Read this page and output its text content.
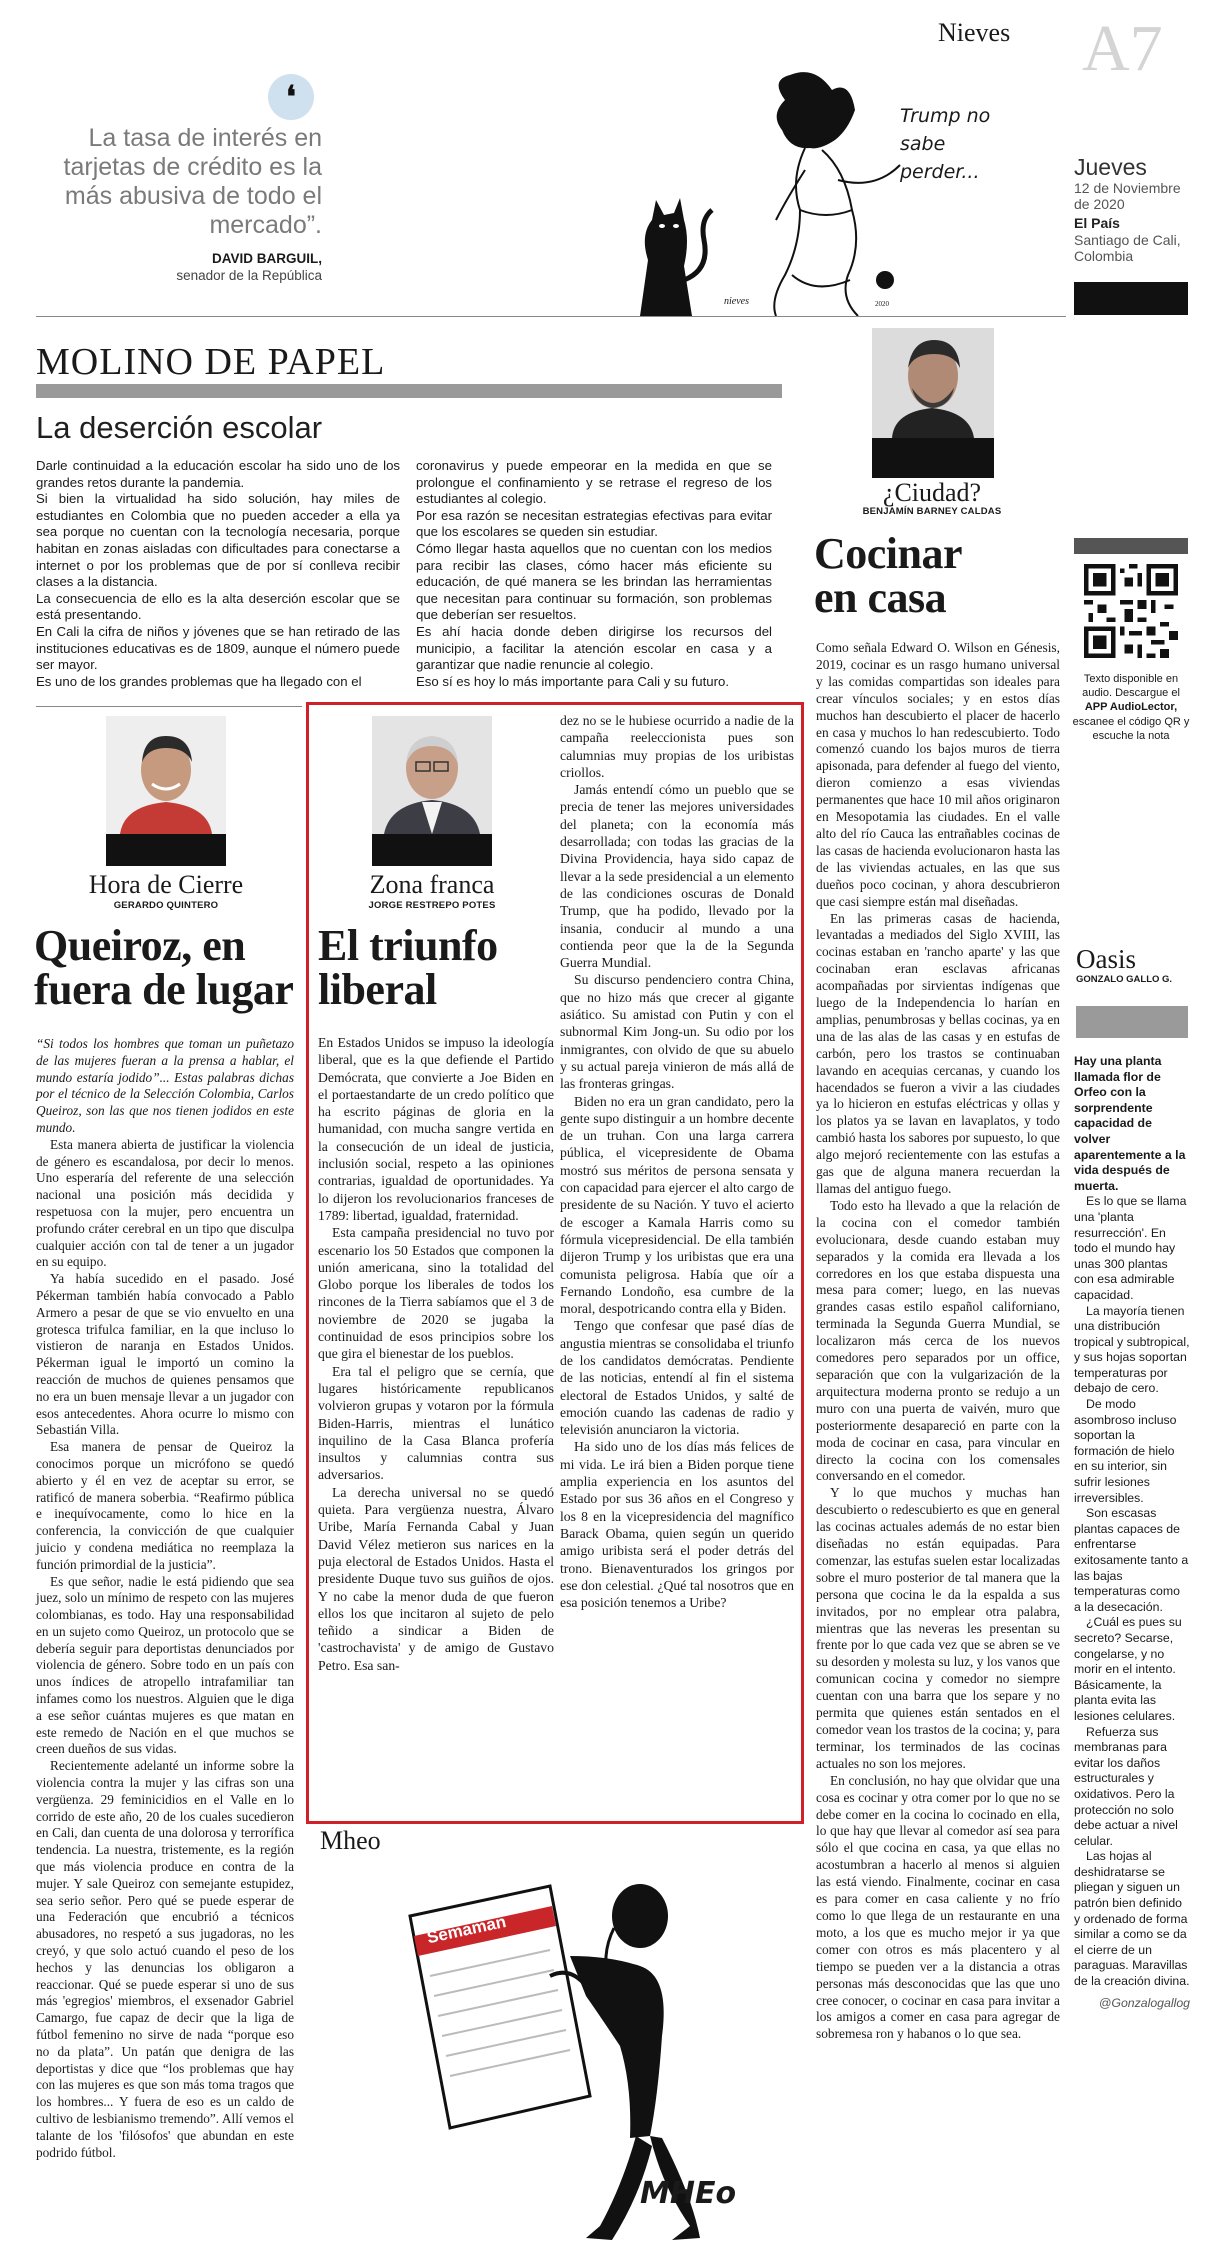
Nieves A7
Jueves
12 de Noviembre de 2020
El País
Santiago de Cali, Colombia
❛
La tasa de interés en tarjetas de crédito es la más abusiva de todo el mercado”.
DAVID BARGUIL,
senador de la República
Trump no sabe perder...
nieves	2020
MOLINO DE PAPEL
La deserción escolar

Darle continuidad a la educación escolar ha sido uno de los grandes retos durante la pandemia.

Si bien la virtualidad ha sido solución, hay miles de estudiantes en Colombia que no pueden acceder a ella ya sea porque no cuentan con la tecnología necesaria, porque habitan en zonas aisladas con dificultades para conectarse a internet o por los problemas que de por sí conlleva recibir clases a la distancia.

La consecuencia de ello es la alta deserción escolar que se está presentando.

En Cali la cifra de niños y jóvenes que se han retirado de las instituciones educativas es de 1809, aunque el número puede ser mayor.

Es uno de los grandes problemas que ha llegado con el

coronavirus y puede empeorar en la medida en que se prolongue el confinamiento y se retrase el regreso de los estudiantes al colegio.

Por esa razón se necesitan estrategias efectivas para evitar que los escolares se queden sin estudiar.

Cómo llegar hasta aquellos que no cuentan con los medios para recibir las clases, cómo hacer más eficiente su educación, de qué manera se les brindan las herramientas que necesitan para continuar su formación, son problemas que deberían ser resueltos.

Es ahí hacia donde deben dirigirse los recursos del municipio, a facilitar la atención escolar en casa y a garantizar que nadie renuncie al colegio.

Eso sí es hoy lo más importante para Cali y su futuro.

¿Ciudad?
BENJAMÍN BARNEY CALDAS
Cocinar
en casa

Como señala Edward O. Wilson en Génesis, 2019, cocinar es un rasgo humano universal y las comidas compartidas son ideales para crear vínculos sociales; y en estos días muchos han descubierto el placer de hacerlo en casa y muchos lo han redescubierto. Todo comenzó cuando los bajos muros de tierra apisonada, para defender al fuego del viento, dieron comienzo a esas viviendas permanentes que hace 10 mil años originaron en Mesopotamia las ciudades. En el valle alto del río Cauca las entrañables cocinas de las casas de hacienda evolucionaron hasta las de las viviendas actuales, en las que sus dueños poco cocinan, y ahora descubrieron que casi siempre están mal diseñadas.

En las primeras casas de hacienda, levantadas a mediados del Siglo XVIII, las cocinas estaban en 'rancho aparte' y las que cocinaban eran esclavas africanas acompañadas por sirvientas indígenas que luego de la Independencia lo harían en amplias, penumbrosas y bellas cocinas, ya en una de las alas de las casas y en estufas de carbón, pero los trastos se continuaban lavando en acequias cercanas, y cuando los hacendados se fueron a vivir a las ciudades ya lo hicieron en estufas eléctricas y ollas y los platos ya se lavan en lavaplatos, y todo cambió hasta los sabores por supuesto, lo que algo mejoró recientemente con las estufas a gas que de alguna manera recuerdan la llamas del antiguo fuego.

Todo esto ha llevado a que la relación de la cocina con el comedor también evolucionara, desde cuando estaban muy separados y la comida era llevada a los corredores en los que estaba dispuesta una mesa para comer; luego, en las nuevas grandes casas estilo español californiano, terminada la Segunda Guerra Mundial, se localizaron más cerca de los nuevos comedores pero separados por un office, separación que con la vulgarización de la arquitectura moderna pronto se redujo a un muro con una puerta de vaivén, muro que posteriormente desapareció en parte con la moda de cocinar en casa, para vincular en directo la cocina con los comensales conversando en el comedor.

Y lo que muchos y muchas han descubierto o redescubierto es que en general las cocinas actuales además de no estar bien diseñadas no están equipadas. Para comenzar, las estufas suelen estar localizadas sobre el muro posterior de tal manera que la persona que cocina le da la espalda a sus invitados, por no emplear otra palabra, mientras que las neveras les presentan su frente por lo que cada vez que se abren se ve su desorden y molesta su luz, y los vanos que comunican cocina y comedor no siempre cuentan con una barra que los separe y no permita que quienes están sentados en el comedor vean los trastos de la cocina; y, para terminar, los terminados de las cocinas actuales no son los mejores.

En conclusión, no hay que olvidar que una cosa es cocinar y otra comer por lo que no se debe comer en la cocina lo cocinado en ella, lo que hay que llevar al comedor así sea para sólo el que cocina en casa, ya que ellas no acostumbran a hacerlo al menos si alguien las está viendo. Finalmente, cocinar en casa es para comer en casa caliente y no frío como lo que llega de un restaurante en una moto, a los que es mucho mejor ir ya que comer con otros es más placentero y al tiempo se pueden ver a la distancia a otras personas más desconocidas que las que uno cree conocer, o cocinar en casa para invitar a los amigos a comer en casa para agregar de sobremesa ron y habanos o lo que sea.

Texto disponible en audio. Descargue el APP AudioLector, escanee el código QR y escuche la nota
Oasis
GONZALO GALLO G.

Hay una planta llamada flor de Orfeo con la sorprendente capacidad de volver aparentemente a la vida después de muerta.

Es lo que se llama una 'planta resurrección'. En todo el mundo hay unas 300 plantas con esa admirable capacidad.

La mayoría tienen una distribución tropical y subtropical, y sus hojas soportan temperaturas por debajo de cero.

De modo asombroso incluso soportan la formación de hielo en su interior, sin sufrir lesiones irreversibles.

Son escasas plantas capaces de enfrentarse exitosamente tanto a las bajas temperaturas como a la desecación.

¿Cuál es pues su secreto? Secarse, congelarse, y no morir en el intento. Básicamente, la planta evita las lesiones celulares.

Refuerza sus membranas para evitar los daños estructurales y oxidativos. Pero la protección no solo debe actuar a nivel celular.

Las hojas al deshidratarse se pliegan y siguen un patrón bien definido y ordenado de forma similar a como se da el cierre de un paraguas. Maravillas de la creación divina.

@Gonzalogallog
Hora de Cierre
GERARDO QUINTERO
Queiroz, en
fuera de lugar

“Si todos los hombres que toman un puñetazo de las mujeres fueran a la prensa a hablar, el mundo estaría jodido”... Estas palabras dichas por el técnico de la Selección Colombia, Carlos Queiroz, son las que nos tienen jodidos en este mundo.

Esta manera abierta de justificar la violencia de género es escandalosa, por decir lo menos. Uno esperaría del referente de una selección nacional una posición más decidida y respetuosa con la mujer, pero encuentra un profundo cráter cerebral en un tipo que disculpa cualquier acción con tal de tener a un jugador en su equipo.

Ya había sucedido en el pasado. José Pékerman también había convocado a Pablo Armero a pesar de que se vio envuelto en una grotesca trifulca familiar, en la que incluso lo vistieron de naranja en Estados Unidos. Pékerman igual le importó un comino la reacción de muchos de quienes pensamos que no era un buen mensaje llevar a un jugador con esos antecedentes. Ahora ocurre lo mismo con Sebastián Villa.

Esa manera de pensar de Queiroz la conocimos porque un micrófono se quedó abierto y él en vez de aceptar su error, se ratificó de manera soberbia. “Reafirmo pública e inequívocamente, como lo hice en la conferencia, la convicción de que cualquier juicio y condena mediática no reemplaza la función primordial de la justicia”.

Es que señor, nadie le está pidiendo que sea juez, solo un mínimo de respeto con las mujeres colombianas, es todo. Hay una responsabilidad en un sujeto como Queiroz, un protocolo que se debería seguir para deportistas denunciados por violencia de género. Sobre todo en un país con unos índices de atropello intrafamiliar tan infames como los nuestros. Alguien que le diga a ese señor cuántas mujeres es que matan en este remedo de Nación en el que muchos se creen dueños de sus vidas.

Recientemente adelanté un informe sobre la violencia contra la mujer y las cifras son una vergüenza. 29 feminicidios en el Valle en lo corrido de este año, 20 de los cuales sucedieron en Cali, dan cuenta de una dolorosa y terrorífica tendencia. La nuestra, tristemente, es la región que más violencia produce en contra de la mujer. Y sale Queiroz con semejante estupidez, sea serio señor. Pero qué se puede esperar de una Federación que encubrió a técnicos abusadores, no respetó a sus jugadoras, no les creyó, y que solo actuó cuando el peso de los hechos y las denuncias los obligaron a reaccionar. Qué se puede esperar si uno de sus más 'egregios' miembros, el exsenador Gabriel Camargo, fue capaz de decir que la liga de fútbol femenino no sirve de nada “porque eso no da plata”. Un patán que denigra de las deportistas y dice que “los problemas que hay con las mujeres es que son más toma tragos que los hombres... Y fuera de eso es un caldo de cultivo de lesbianismo tremendo”. Allí vemos el talante de los 'filósofos' que abundan en este podrido fútbol.

Zona franca
JORGE RESTREPO POTES
El triunfo
liberal

En Estados Unidos se impuso la ideología liberal, que es la que defiende el Partido Demócrata, que convierte a Joe Biden en el portaestandarte de un credo político que ha escrito páginas de gloria en la humanidad, con mucha sangre vertida en la consecución de un ideal de justicia, inclusión social, respeto a las opiniones contrarias, igualdad de oportunidades. Ya lo dijeron los revolucionarios franceses de 1789: libertad, igualdad, fraternidad.

Esta campaña presidencial no tuvo por escenario los 50 Estados que componen la unión americana, sino la totalidad del Globo porque los liberales de todos los rincones de la Tierra sabíamos que el 3 de noviembre de 2020 se jugaba la continuidad de esos principios sobre los que gira el bienestar de los pueblos.

Era tal el peligro que se cernía, que lugares históricamente republicanos volvieron grupas y votaron por la fórmula Biden-Harris, mientras el lunático inquilino de la Casa Blanca profería insultos y calumnias contra sus adversarios.

La derecha universal no se quedó quieta. Para vergüenza nuestra, Álvaro Uribe, María Fernanda Cabal y Juan David Vélez metieron sus narices en la puja electoral de Estados Unidos. Hasta el presidente Duque tuvo sus guiños de ojos. Y no cabe la menor duda de que fueron ellos los que incitaron al sujeto de pelo teñido a sindicar a Biden de 'castrochavista' y de amigo de Gustavo Petro. Esa san-

dez no se le hubiese ocurrido a nadie de la campaña reeleccionista pues son calumnias muy propias de los uribistas criollos.

Jamás entendí cómo un pueblo que se precia de tener las mejores universidades del planeta; con la economía más desarrollada; con todas las gracias de la Divina Providencia, haya sido capaz de llevar a la sede presidencial a un elemento de las condiciones oscuras de Donald Trump, que ha podido, llevado por la insania, conducir al mundo a una contienda peor que la de la Segunda Guerra Mundial.

Su discurso pendenciero contra China, que no hizo más que crecer al gigante asiático. Su amistad con Putin y con el subnormal Kim Jong-un. Su odio por los inmigrantes, con olvido de que su abuelo y su actual pareja vinieron de más allá de las fronteras gringas.

Biden no era un gran candidato, pero la gente supo distinguir a un hombre decente de un truhan. Con una larga carrera pública, el vicepresidente de Obama mostró sus méritos de persona sensata y con capacidad para ejercer el alto cargo de presidente de su Nación. Y tuvo el acierto de escoger a Kamala Harris como su fórmula vicepresidencial. De ella también dijeron Trump y los uribistas que era una comunista peligrosa. Había que oír a Fernando Londoño, esa cumbre de la moral, despotricando contra ella y Biden.

Tengo que confesar que pasé días de angustia mientras se consolidaba el triunfo de los candidatos demócratas. Pendiente de las noticias, entendí al fin el sistema electoral de Estados Unidos, y salté de emoción cuando las cadenas de radio y televisión anunciaron la victoria.

Ha sido uno de los días más felices de mi vida. Le irá bien a Biden porque tiene amplia experiencia en los asuntos del Estado por sus 36 años en el Congreso y los 8 en la vicepresidencia del magnífico Barack Obama, quien según un querido amigo uribista será el poder detrás del trono. Bienaventurados los gringos por ese don celestial. ¿Qué tal nosotros que en esa posición tenemos a Uribe?

Mheo
Semaman
MHEo
